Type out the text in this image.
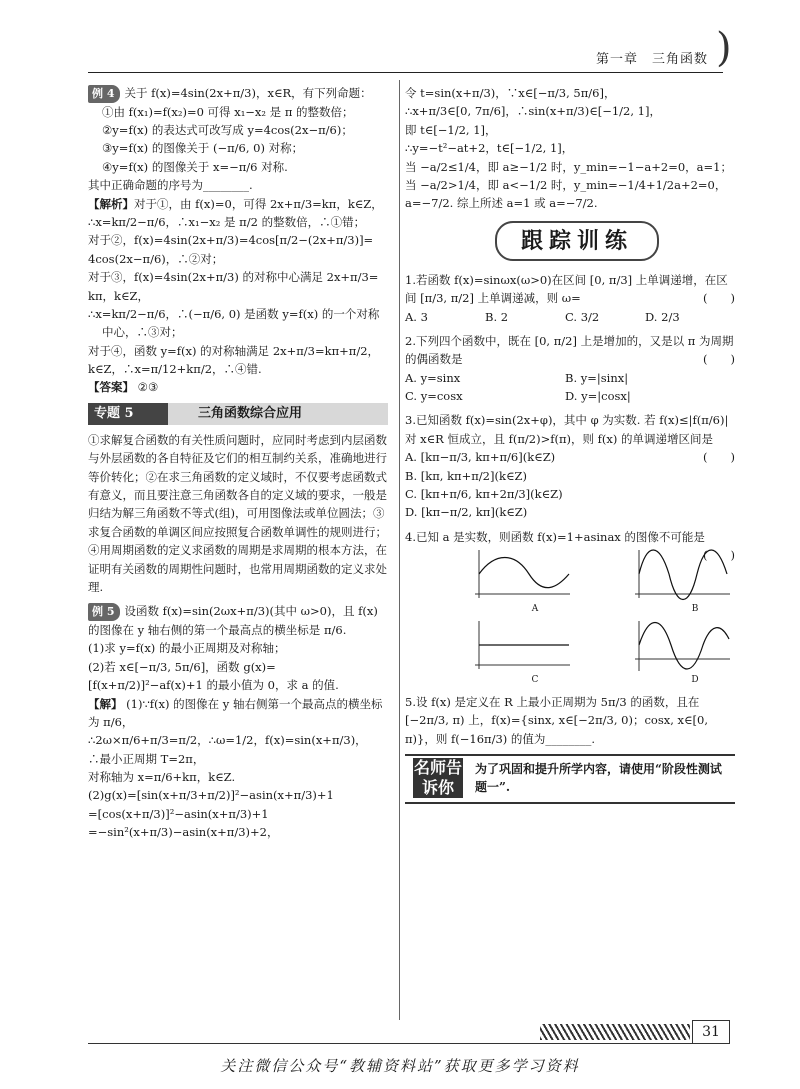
第一章　三角函数 )

例 4 关于 f(x)=4sin(2x+π/3)，x∈R，有下列命题：

①由 f(x₁)=f(x₂)=0 可得 x₁−x₂ 是 π 的整数倍；

②y=f(x) 的表达式可改写成 y=4cos(2x−π/6)；

③y=f(x) 的图像关于 (−π/6, 0) 对称；

④y=f(x) 的图像关于 x=−π/6 对称.

其中正确命题的序号为________.

【解析】对于①，由 f(x)=0，可得 2x+π/3=kπ，k∈Z，

∴x=kπ/2−π/6，∴x₁−x₂ 是 π/2 的整数倍，∴①错；

对于②，f(x)=4sin(2x+π/3)=4cos[π/2−(2x+π/3)]=

4cos(2x−π/6)，∴②对；

对于③，f(x)=4sin(2x+π/3) 的对称中心满足 2x+π/3=

kπ，k∈Z，

∴x=kπ/2−π/6，∴(−π/6, 0) 是函数 y=f(x) 的一个对称

中心，∴③对；

对于④，函数 y=f(x) 的对称轴满足 2x+π/3=kπ+π/2，

k∈Z，∴x=π/12+kπ/2，∴④错.

【答案】 ②③

专题 5	三角函数综合应用

①求解复合函数的有关性质问题时，应同时考虑到内层函数与外层函数的各自特征及它们的相互制约关系，准确地进行等价转化；②在求三角函数的定义域时，不仅要考虑函数式有意义，而且要注意三角函数各自的定义域的要求，一般是归结为解三角函数不等式(组)，可用图像法或单位圆法；③求复合函数的单调区间应按照复合函数单调性的规则进行；④用周期函数的定义求函数的周期是求周期的根本方法，在证明有关函数的周期性问题时，也常用周期函数的定义求处理.

例 5 设函数 f(x)=sin(2ωx+π/3)(其中 ω>0)，且 f(x) 的图像在 y 轴右侧的第一个最高点的横坐标是 π/6.

(1)求 y=f(x) 的最小正周期及对称轴；

(2)若 x∈[−π/3, 5π/6]，函数 g(x)=[f(x+π/2)]²−af(x)+1 的最小值为 0，求 a 的值.

【解】 (1)∵f(x) 的图像在 y 轴右侧第一个最高点的横坐标为 π/6，

∴2ω×π/6+π/3=π/2，∴ω=1/2，f(x)=sin(x+π/3)，

∴最小正周期 T=2π，

对称轴为 x=π/6+kπ，k∈Z.

(2)g(x)=[sin(x+π/3+π/2)]²−asin(x+π/3)+1

=[cos(x+π/3)]²−asin(x+π/3)+1

=−sin²(x+π/3)−asin(x+π/3)+2，

令 t=sin(x+π/3)，∵x∈[−π/3, 5π/6]，

∴x+π/3∈[0, 7π/6]，∴sin(x+π/3)∈[−1/2, 1]，

即 t∈[−1/2, 1]，

∴y=−t²−at+2，t∈[−1/2, 1]，

当 −a/2≤1/4，即 a≥−1/2 时，y_min=−1−a+2=0，a=1；

当 −a/2>1/4，即 a<−1/2 时，y_min=−1/4+1/2a+2=0，

a=−7/2. 综上所述 a=1 或 a=−7/2.

跟踪训练

1.若函数 f(x)=sinωx(ω>0)在区间 [0, π/3] 上单调递增，在区间 [π/3, π/2] 上单调递减，则 ω=	(　　)

A. 3	B. 2	C. 3/2	D. 2/3

2.下列四个函数中，既在 [0, π/2] 上是增加的，又是以 π 为周期的偶函数是	(　　)

A. y=sinx	B. y=|sinx| C. y=cosx	D. y=|cosx|

3.已知函数 f(x)=sin(2x+φ)，其中 φ 为实数. 若 f(x)≤|f(π/6)| 对 x∈R 恒成立，且 f(π/2)>f(π)，则 f(x) 的单调递增区间是
(　　)

A. [kπ−π/3, kπ+π/6](k∈Z)

B. [kπ, kπ+π/2](k∈Z)

C. [kπ+π/6, kπ+2π/3](k∈Z)

D. [kπ−π/2, kπ](k∈Z)

4.已知 a 是实数，则函数 f(x)=1+asinax 的图像不可能是
(　　)

A	B
C	D

5.设 f(x) 是定义在 R 上最小正周期为 5π/3 的函数，且在 [−2π/3, π) 上，f(x)={sinx, x∈[−2π/3, 0)；cosx, x∈[0, π)}，则 f(−16π/3) 的值为________.

名师告诉你
为了巩固和提升所学内容，请使用“阶段性测试题一”.
31
关注微信公众号“教辅资料站”获取更多学习资料
